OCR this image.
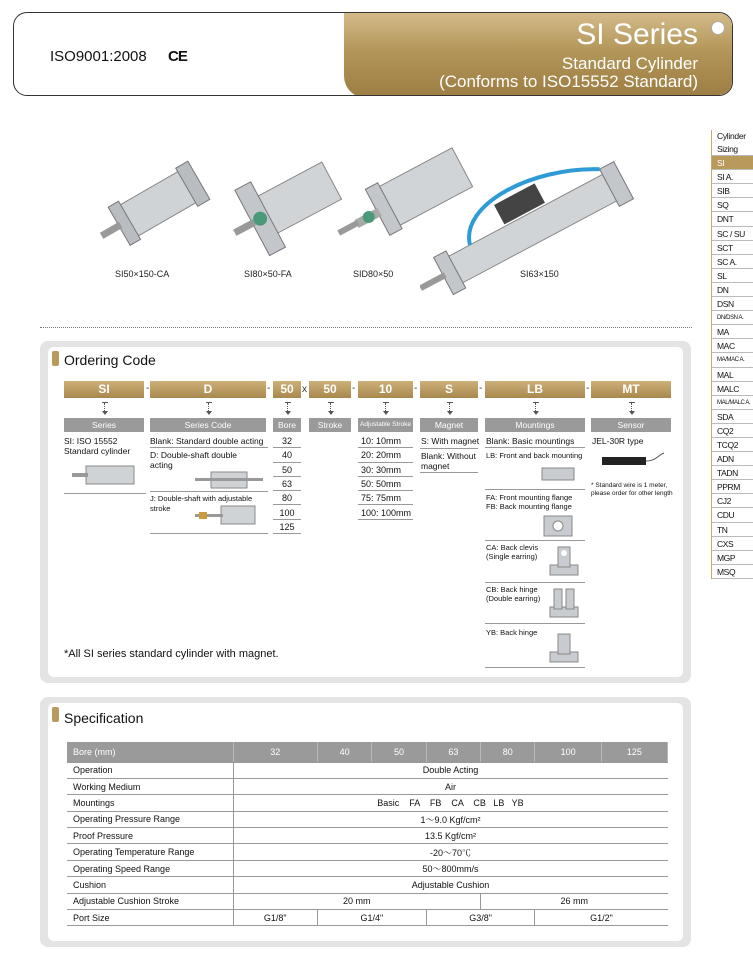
ISO9001:2008 CE
SI Series
Standard Cylinder
(Conforms to ISO15552 Standard)
Cylinder
Sizing
SI
SI A.
SIB
SQ
DNT
SC / SU
SCT
SC A.
SL
DN
DSN
DN/DSN A.
MA
MAC
MA/MAC A.
MAL
MALC
MAL/MALC A.
SDA
CQ2
TCQ2
ADN
TADN
PPRM
CJ2
CDU
TN
CXS
MGP
MSQ
SI50×150-CA	SI80×50-FA	SID80×50	SI63×150
Ordering Code
SI	-	D	- 50 x	50	-	10	-	S	-	LB	-	MT
Series	Series Code	Bore	Stroke	Adjustable Stroke	Magnet	Mountings	Sensor
SI: ISO 15552 Standard cylinder
Blank: Standard double acting
D: Double-shaft double acting
J: Double-shaft with adjustable stroke
32
40
50
63
80
100
125
10: 10mm
20: 20mm
30: 30mm
50: 50mm
75: 75mm
100: 100mm
S: With magnet
Blank: Without magnet
Blank: Basic mountings
LB: Front and back mounting
FA: Front mounting flange
FB: Back mounting flange
CA: Back clevis (Single earring)
CB: Back hinge (Double earring)
YB: Back hinge
JEL-30R type
* Standard wire is 1 meter, please order for other length
*All SI series standard cylinder with magnet.
Specification
Bore (mm)	32	40	50	63	80	100	125
Operation	Double Acting						
Working Medium	Air						
Mountings	Basic    FA    FB    CA    CB   LB   YB						
Operating Pressure Range	1～9.0 Kgf/cm²						
Proof Pressure	13.5 Kgf/cm²						
Operating Temperature Range	-20～70℃						
Operating Speed Range	50～800mm/s						
Cushion	Adjustable Cushion						
Adjustable Cushion Stroke	20 mm				26 mm		
Port Size	G1/8"	G1/4"		G3/8"		G1/2"	
